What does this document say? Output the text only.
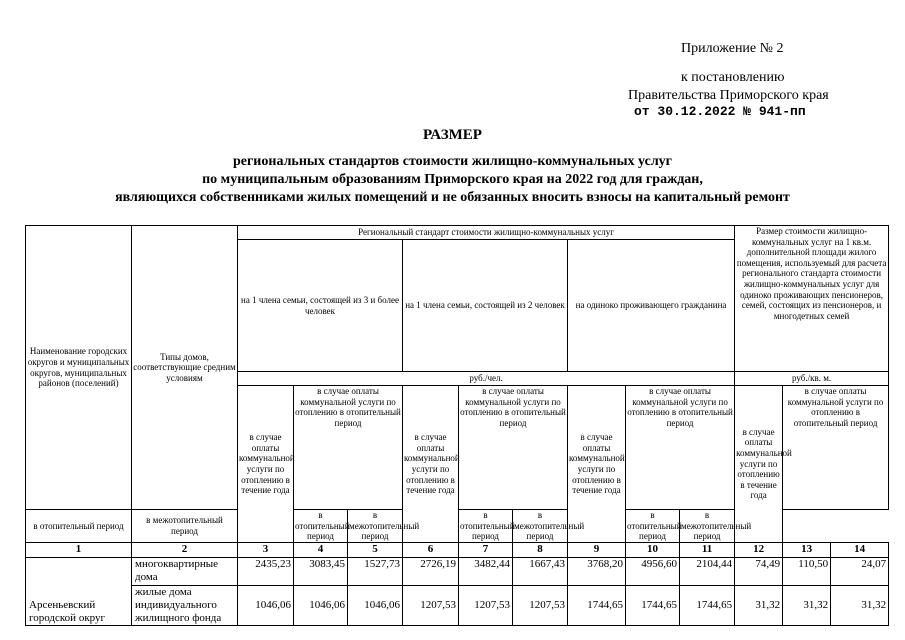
Приложение № 2
к постановлению
Правительства Приморского края
от 30.12.2022 № 941-пп
РАЗМЕР
региональных стандартов стоимости жилищно-коммунальных услуг
по муниципальным образованиям Приморского края на 2022 год для граждан,
являющихся собственниками жилых помещений и не обязанных вносить взносы на капитальный ремонт
Наименование городских округов и муниципальных округов, муниципальных районов (поселений)	Типы домов, соответствующие средним условиям	Региональный стандарт стоимости жилищно-коммунальных услуг									Размер стоимости жилищно-коммунальных услуг на 1 кв.м. дополнительной площади жилого помещения, используемый для расчета регионального стандарта стоимости жилищно-коммунальных услуг для одиноко проживающих пенсионеров, семей, состоящих из пенсионеров, и многодетных семей		
		на 1 члена семьи, состоящей из 3 и более человек			на 1 члена семьи, состоящей из 2 человек			на одиноко проживающего гражданина					
		руб./чел.									руб./кв. м.		
		в случае оплаты коммунальной услуги по отоплению в течение года	в случае оплаты коммунальной услуги по отоплению в отопительный период		в случае оплаты коммунальной услуги по отоплению в течение года	в случае оплаты коммунальной услуги по отоплению в отопительный период		в случае оплаты коммунальной услуги по отоплению в течение года	в случае оплаты коммунальной услуги по отоплению в отопительный период		в случае оплаты коммунальной услуги по отоплению в течение года	в случае оплаты коммунальной услуги по отоплению в отопительный период	
в отопительный период	в межотопительный период		в отопительный период	в межотопительный период		в отопительный период	в межотопительный период		в отопительный период	в межотопительный период			
1	2	3	4	5	6	7	8	9	10	11	12	13	14
Арсеньевский городской округ	многоквартирные дома	2435,23	3083,45	1527,73	2726,19	3482,44	1667,43	3768,20	4956,60	2104,44	74,49	110,50	24,07
	жилые дома индивидуального жилищного фонда	1046,06	1046,06	1046,06	1207,53	1207,53	1207,53	1744,65	1744,65	1744,65	31,32	31,32	31,32
